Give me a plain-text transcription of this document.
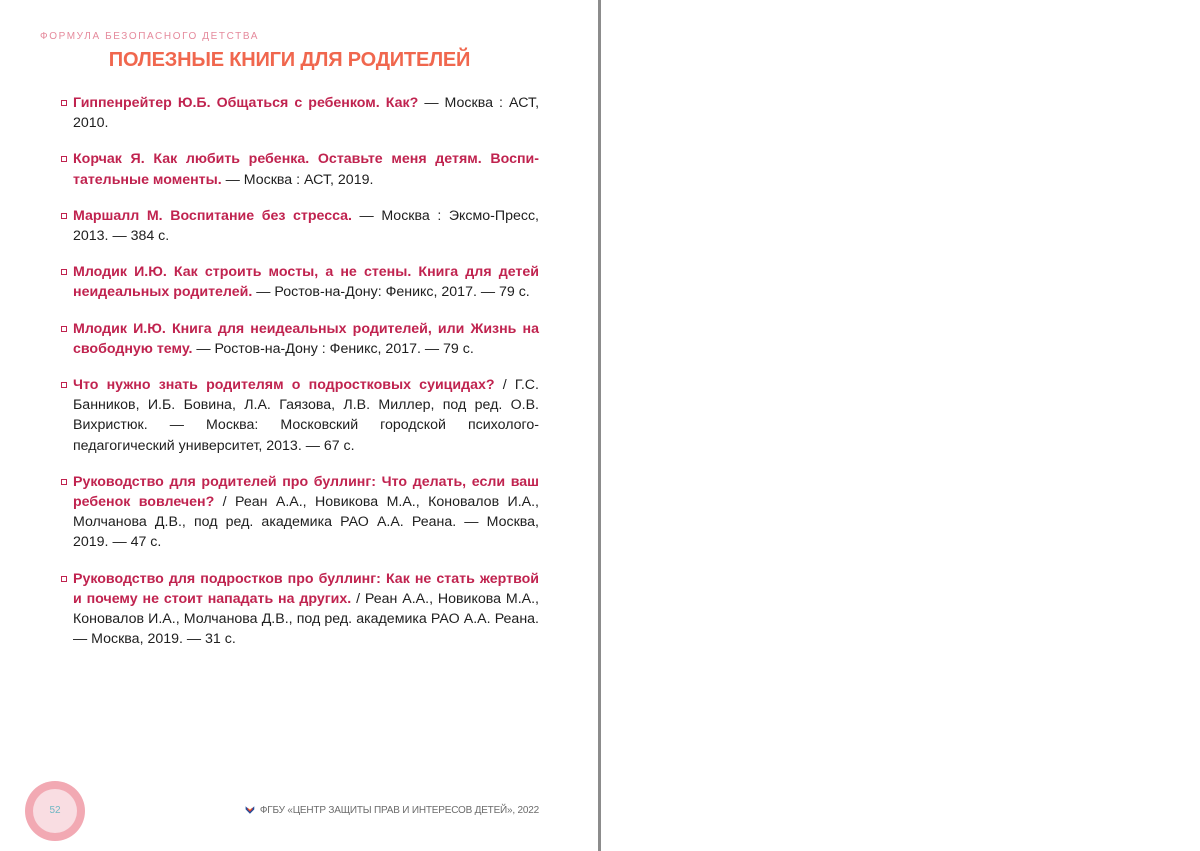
ФОРМУЛА БЕЗОПАСНОГО ДЕТСТВА
ПОЛЕЗНЫЕ КНИГИ ДЛЯ РОДИТЕЛЕЙ
Гиппенрейтер Ю.Б. Общаться с ребенком. Как? — Москва : АСТ, 2010.
Корчак Я. Как любить ребенка. Оставьте меня детям. Воспитательные моменты. — Москва : АСТ, 2019.
Маршалл М. Воспитание без стресса. — Москва : Эксмо-Пресс, 2013. — 384 с.
Млодик И.Ю. Как строить мосты, а не стены. Книга для детей неидеальных родителей. — Ростов-на-Дону: Феникс, 2017. — 79 с.
Млодик И.Ю. Книга для неидеальных родителей, или Жизнь на свободную тему. — Ростов-на-Дону : Феникс, 2017. — 79 с.
Что нужно знать родителям о подростковых суицидах? / Г.С. Банников, И.Б. Бовина, Л.А. Гаязова, Л.В. Миллер, под ред. О.В. Вихристюк. — Москва: Московский городской психолого-педагогический университет, 2013. — 67 с.
Руководство для родителей про буллинг: Что делать, если ваш ребенок вовлечен? / Реан А.А., Новикова М.А., Коновалов И.А., Молчанова Д.В., под ред. академика РАО А.А. Реана. — Москва, 2019. — 47 с.
Руководство для подростков про буллинг: Как не стать жертвой и почему не стоит нападать на других. / Реан А.А., Новикова М.А., Коновалов И.А., Молчанова Д.В., под ред. академика РАО А.А. Реана. — Москва, 2019. — 31 с.
52	ФГБУ «ЦЕНТР ЗАЩИТЫ ПРАВ И ИНТЕРЕСОВ ДЕТЕЙ», 2022
